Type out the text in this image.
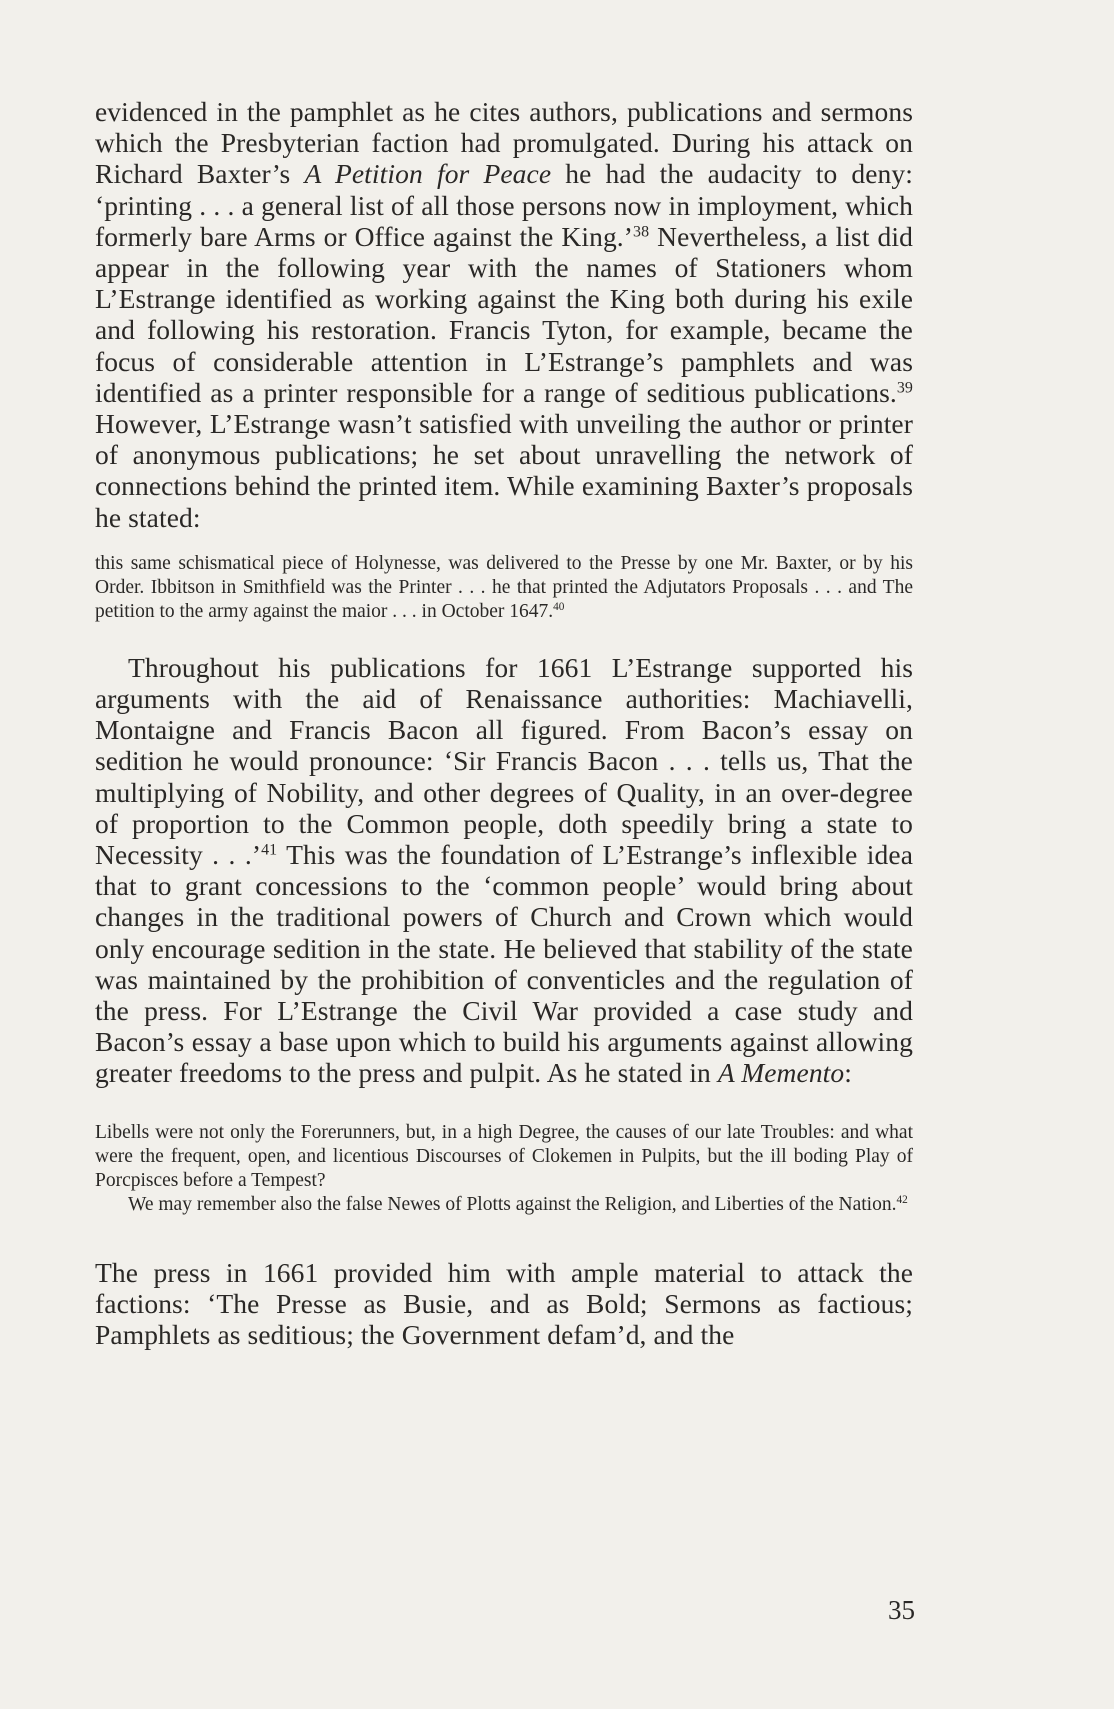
evidenced in the pamphlet as he cites authors, publications and sermons which the Presbyterian faction had promulgated. During his attack on Richard Baxter’s A Petition for Peace he had the audacity to deny: ‘printing . . . a general list of all those persons now in imployment, which formerly bare Arms or Office against the King.’$^{38}$ Nevertheless, a list did appear in the following year with the names of Stationers whom L’Estrange identified as working against the King both during his exile and following his restoration. Francis Tyton, for example, became the focus of considerable attention in L’Estrange’s pamphlets and was identified as a printer responsible for a range of seditious publications.$^{39}$ However, L’Estrange wasn’t satisfied with unveiling the author or printer of anonymous publications; he set about unravelling the network of connections behind the printed item. While examining Baxter’s proposals he stated:

this same schismatical piece of Holynesse, was delivered to the Presse by one Mr. Baxter, or by his Order. Ibbitson in Smithfield was the Printer . . . he that printed the Adjutators Proposals . . . and The petition to the army against the maior . . . in October 1647.40

Throughout his publications for 1661 L’Estrange supported his arguments with the aid of Renaissance authorities: Machiavelli, Montaigne and Francis Bacon all figured. From Bacon’s essay on sedition he would pronounce: ‘Sir Francis Bacon . . . tells us, That the multiplying of Nobility, and other degrees of Quality, in an over-degree of proportion to the Common people, doth speedily bring a state to Necessity . . .’$^{41}$ This was the foundation of L’Estrange’s inflexible idea that to grant concessions to the ‘common people’ would bring about changes in the traditional powers of Church and Crown which would only encourage sedition in the state. He believed that stability of the state was maintained by the prohibition of conventicles and the regulation of the press. For L’Estrange the Civil War provided a case study and Bacon’s essay a base upon which to build his arguments against allowing greater freedoms to the press and pulpit. As he stated in A Memento:

Libells were not only the Forerunners, but, in a high Degree, the causes of our late Troubles: and what were the frequent, open, and licentious Discourses of Clokemen in Pulpits, but the ill boding Play of Porcpisces before a Tempest?

We may remember also the false Newes of Plotts against the Religion, and Liberties of the Nation.$^{42}$

The press in 1661 provided him with ample material to attack the factions: ‘The Presse as Busie, and as Bold; Sermons as factious; Pamphlets as seditious; the Government defam’d, and the

35
